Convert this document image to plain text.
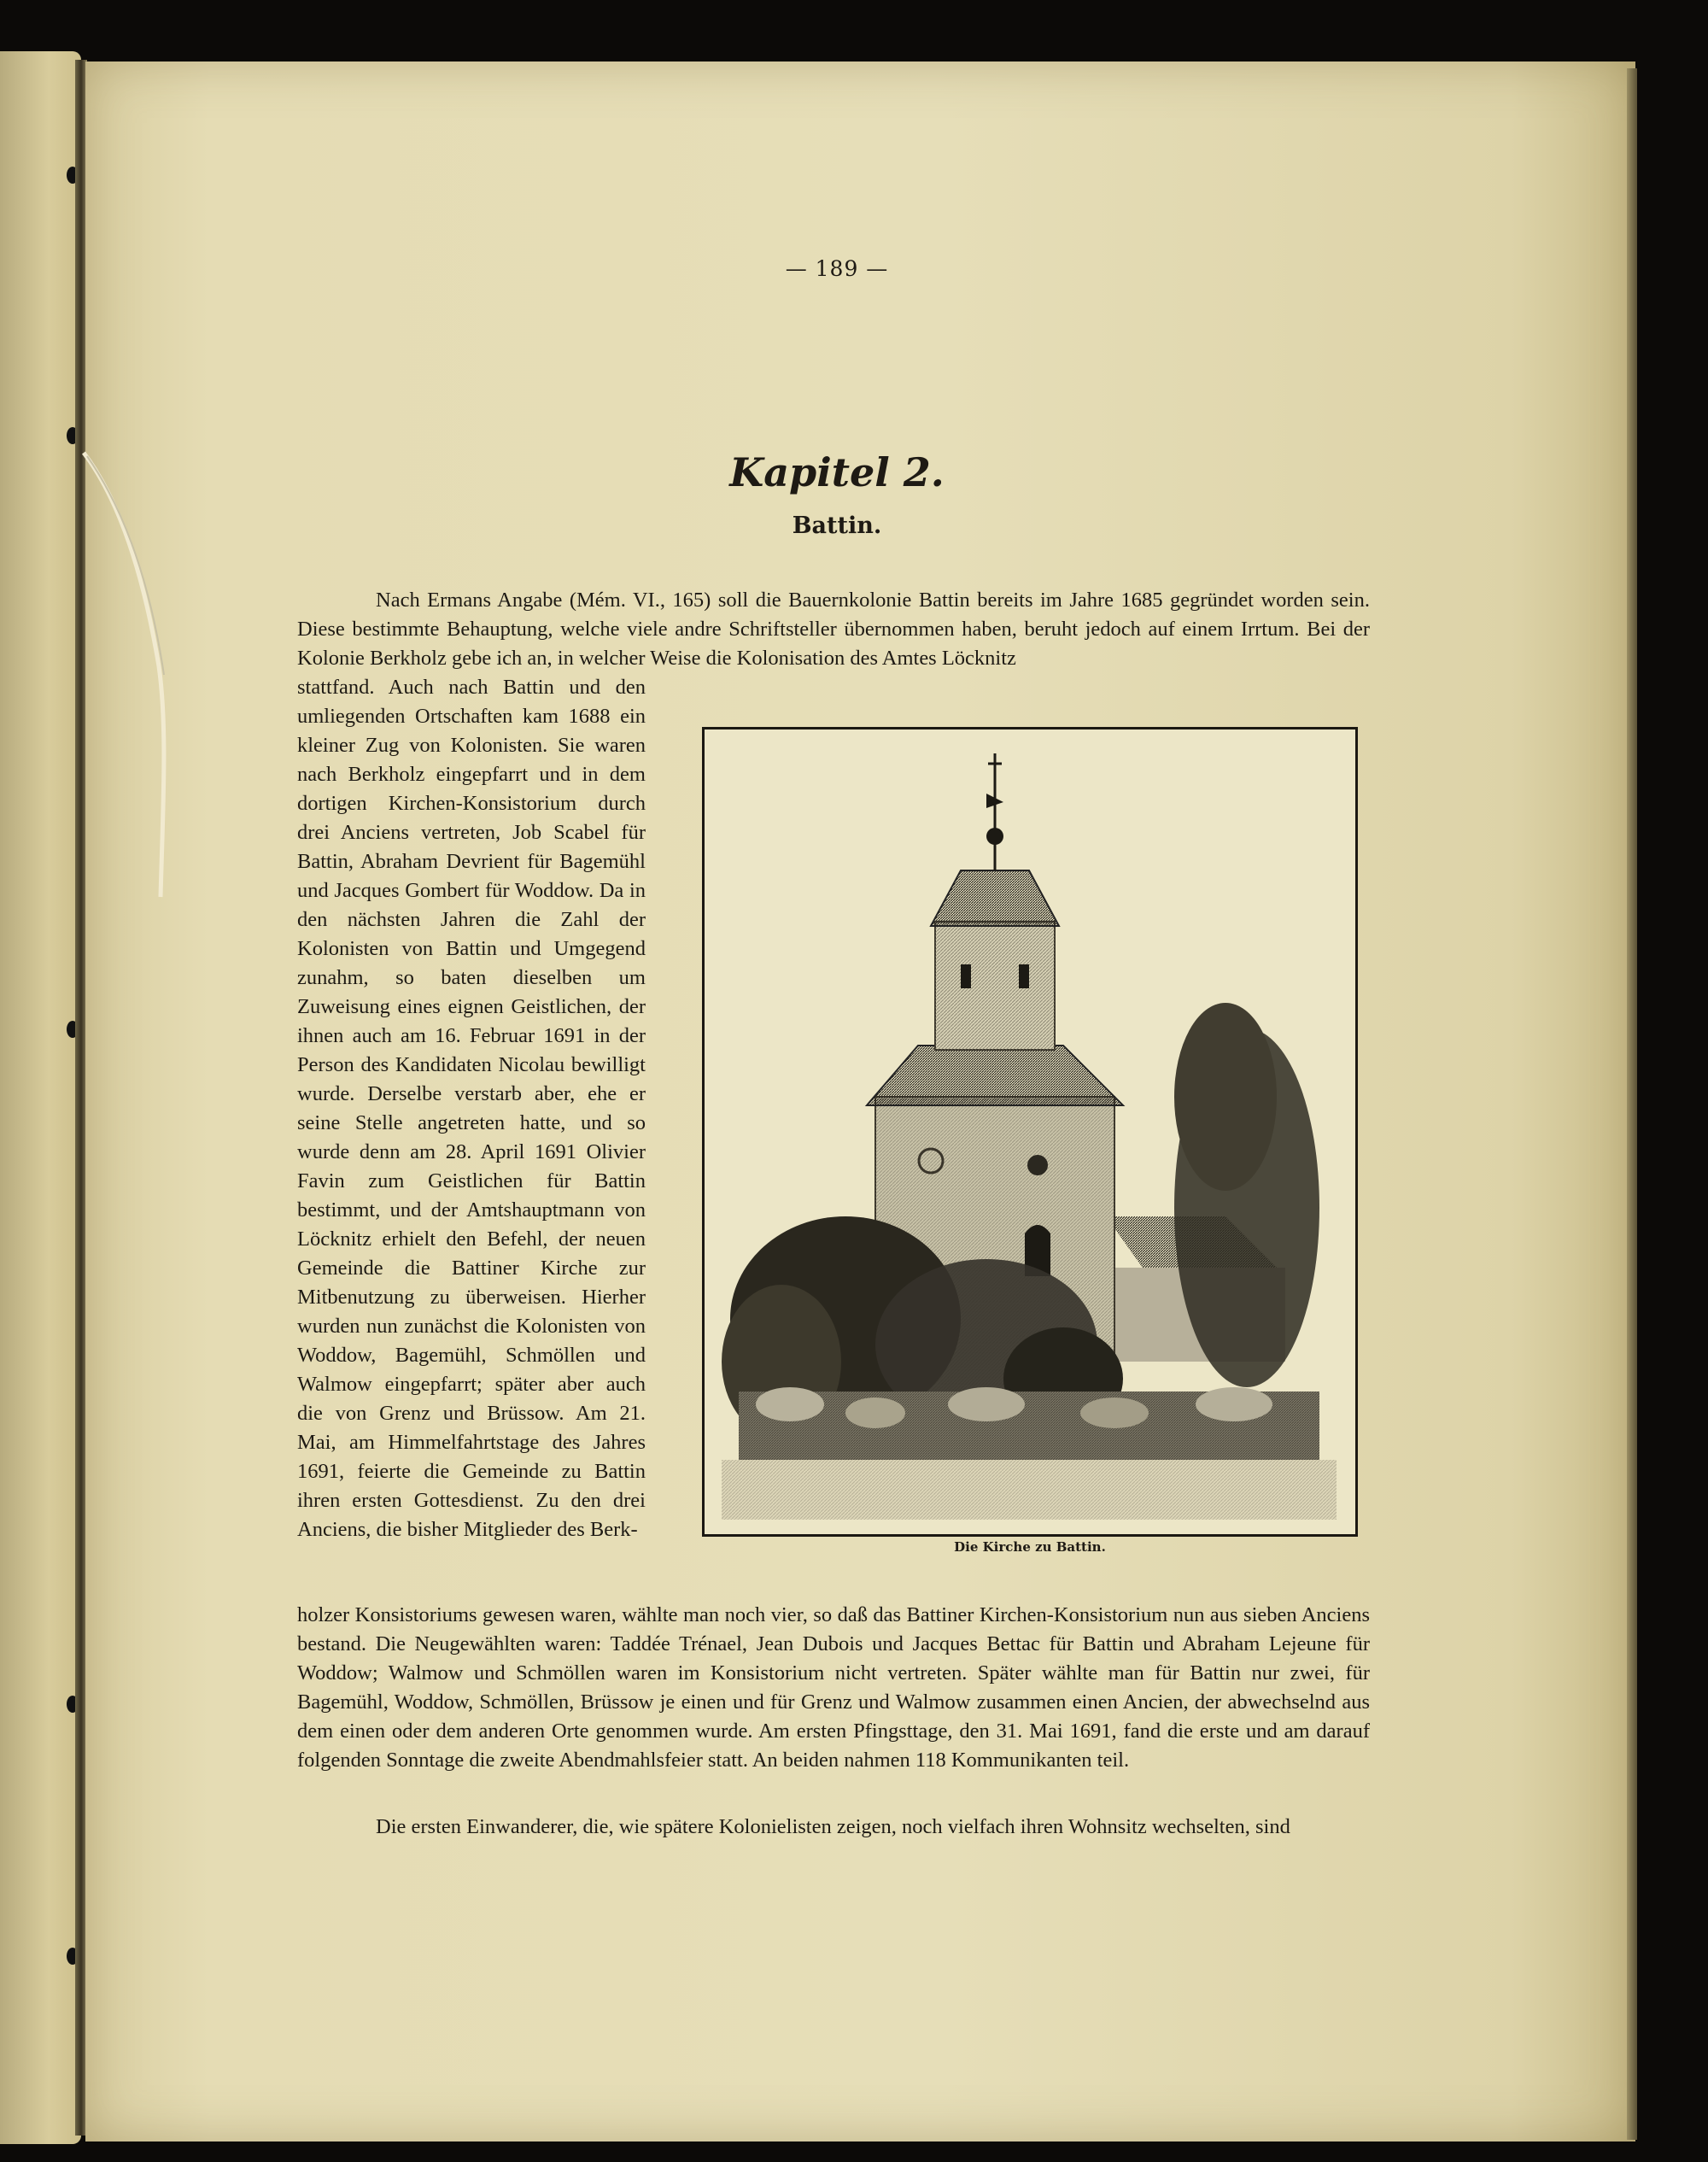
— 189 —
Kapitel 2.
Battin.
Nach Ermans Angabe (Mém. VI., 165) soll die Bauernkolonie Battin bereits im Jahre 1685 gegründet worden sein. Diese bestimmte Behauptung, welche viele andre Schriftsteller übernommen haben, beruht jedoch auf einem Irrtum. Bei der Kolonie Berkholz gebe ich an, in welcher Weise die Kolonisation des Amtes Löcknitz
stattfand. Auch nach Battin und den umliegenden Ortschaften kam 1688 ein kleiner Zug von Kolonisten. Sie waren nach Berkholz eingepfarrt und in dem dortigen Kirchen-Konsistorium durch drei Anciens vertreten, Job Scabel für Battin, Abraham Devrient für Bagemühl und Jacques Gombert für Woddow. Da in den nächsten Jahren die Zahl der Kolonisten von Battin und Umgegend zunahm, so baten dieselben um Zuweisung eines eignen Geistlichen, der ihnen auch am 16. Februar 1691 in der Person des Kandidaten Nicolau bewilligt wurde. Derselbe verstarb aber, ehe er seine Stelle angetreten hatte, und so wurde denn am 28. April 1691 Olivier Favin zum Geistlichen für Battin bestimmt, und der Amtshauptmann von Löcknitz erhielt den Befehl, der neuen Gemeinde die Battiner Kirche zur Mitbenutzung zu überweisen. Hierher wurden nun zunächst die Kolonisten von Woddow, Bagemühl, Schmöllen und Walmow eingepfarrt; später aber auch die von Grenz und Brüssow. Am 21. Mai, am Himmelfahrtstage des Jahres 1691, feierte die Gemeinde zu Battin ihren ersten Gottesdienst. Zu den drei Anciens, die bisher Mitglieder des Berk-
Die Kirche zu Battin.
holzer Konsistoriums gewesen waren, wählte man noch vier, so daß das Battiner Kirchen-Konsistorium nun aus sieben Anciens bestand. Die Neugewählten waren: Taddée Trénael, Jean Dubois und Jacques Bettac für Battin und Abraham Lejeune für Woddow; Walmow und Schmöllen waren im Konsistorium nicht vertreten. Später wählte man für Battin nur zwei, für Bagemühl, Woddow, Schmöllen, Brüssow je einen und für Grenz und Walmow zusammen einen Ancien, der abwechselnd aus dem einen oder dem anderen Orte genommen wurde. Am ersten Pfingsttage, den 31. Mai 1691, fand die erste und am darauf folgenden Sonntage die zweite Abendmahlsfeier statt. An beiden nahmen 118 Kommunikanten teil.
Die ersten Einwanderer, die, wie spätere Kolonielisten zeigen, noch vielfach ihren Wohnsitz wechselten, sind
